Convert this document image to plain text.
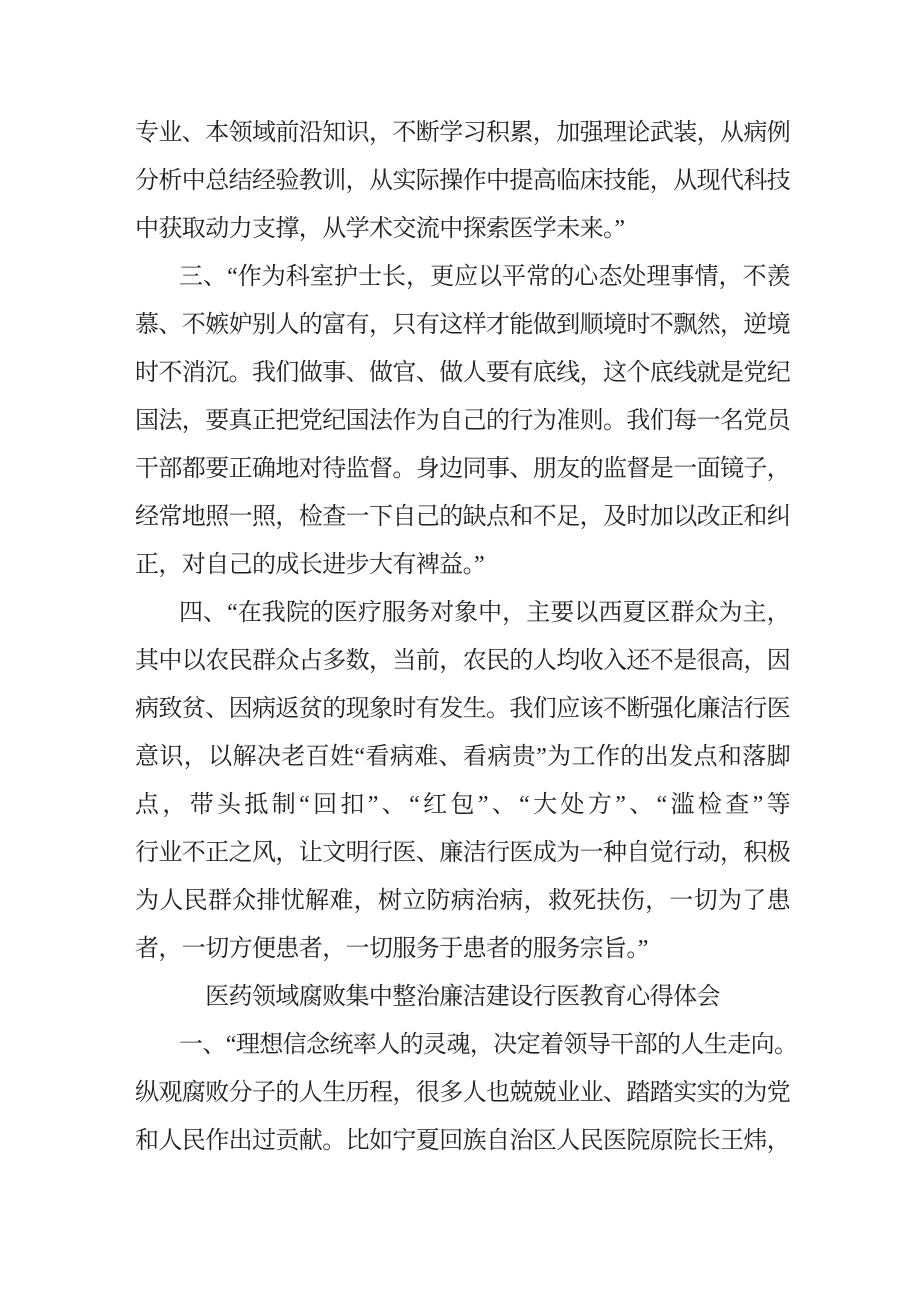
专业、本领域前沿知识，不断学习积累，加强理论武装，从病例
分析中总结经验教训，从实际操作中提高临床技能，从现代科技
中获取动力支撑，从学术交流中探索医学未来。”
三、“作为科室护士长，更应以平常的心态处理事情，不羡
慕、不嫉妒别人的富有，只有这样才能做到顺境时不飘然，逆境
时不消沉。我们做事、做官、做人要有底线，这个底线就是党纪
国法，要真正把党纪国法作为自己的行为准则。我们每一名党员
干部都要正确地对待监督。身边同事、朋友的监督是一面镜子，
经常地照一照，检查一下自己的缺点和不足，及时加以改正和纠
正，对自己的成长进步大有裨益。”
四、“在我院的医疗服务对象中，主要以西夏区群众为主，
其中以农民群众占多数，当前，农民的人均收入还不是很高，因
病致贫、因病返贫的现象时有发生。我们应该不断强化廉洁行医
意识，以解决老百姓“看病难、看病贵”为工作的出发点和落脚
点，带头抵制“回扣”、“红包”、“大处方”、“滥检查”等
行业不正之风，让文明行医、廉洁行医成为一种自觉行动，积极
为人民群众排忧解难，树立防病治病，救死扶伤，一切为了患
者，一切方便患者，一切服务于患者的服务宗旨。”
医药领域腐败集中整治廉洁建设行医教育心得体会
一、“理想信念统率人的灵魂，决定着领导干部的人生走向。
纵观腐败分子的人生历程，很多人也兢兢业业、踏踏实实的为党
和人民作出过贡献。比如宁夏回族自治区人民医院原院长王炜，
